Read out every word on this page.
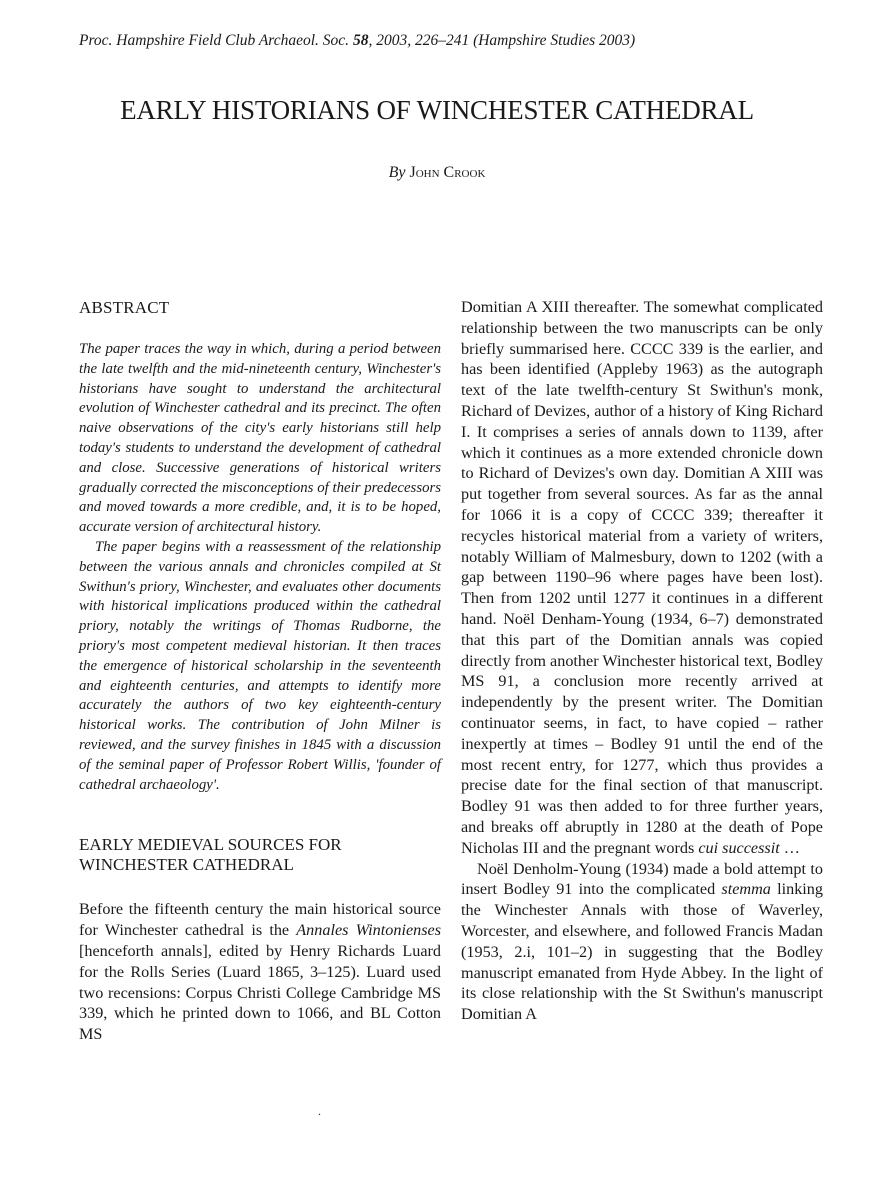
Proc. Hampshire Field Club Archaeol. Soc. 58, 2003, 226–241 (Hampshire Studies 2003)
EARLY HISTORIANS OF WINCHESTER CATHEDRAL
By John Crook
ABSTRACT

The paper traces the way in which, during a period between the late twelfth and the mid-nineteenth century, Winchester's historians have sought to understand the architectural evolution of Winchester cathedral and its precinct. The often naive observations of the city's early historians still help today's students to understand the development of cathedral and close. Successive generations of historical writers gradually corrected the misconceptions of their predecessors and moved towards a more credible, and, it is to be hoped, accurate version of architectural history.

The paper begins with a reassessment of the relationship between the various annals and chronicles compiled at St Swithun's priory, Winchester, and evaluates other documents with historical implications produced within the cathedral priory, notably the writings of Thomas Rudborne, the priory's most competent medieval historian. It then traces the emergence of historical scholarship in the seventeenth and eighteenth centuries, and attempts to identify more accurately the authors of two key eighteenth-century historical works. The contribution of John Milner is reviewed, and the survey finishes in 1845 with a discussion of the seminal paper of Professor Robert Willis, 'founder of cathedral archaeology'.

EARLY MEDIEVAL SOURCES FOR
WINCHESTER CATHEDRAL

Before the fifteenth century the main historical source for Winchester cathedral is the Annales Wintonienses [henceforth annals], edited by Henry Richards Luard for the Rolls Series (Luard 1865, 3–125). Luard used two recensions: Corpus Christi College Cambridge MS 339, which he printed down to 1066, and BL Cotton MS

Domitian A XIII thereafter. The somewhat complicated relationship between the two manuscripts can be only briefly summarised here. CCCC 339 is the earlier, and has been identified (Appleby 1963) as the autograph text of the late twelfth-century St Swithun's monk, Richard of Devizes, author of a history of King Richard I. It comprises a series of annals down to 1139, after which it continues as a more extended chronicle down to Richard of Devizes's own day. Domitian A XIII was put together from several sources. As far as the annal for 1066 it is a copy of CCCC 339; thereafter it recycles historical material from a variety of writers, notably William of Malmesbury, down to 1202 (with a gap between 1190–96 where pages have been lost). Then from 1202 until 1277 it continues in a different hand. Noël Denham-Young (1934, 6–7) demonstrated that this part of the Domitian annals was copied directly from another Winchester historical text, Bodley MS 91, a conclusion more recently arrived at independently by the present writer. The Domitian continuator seems, in fact, to have copied – rather inexpertly at times – Bodley 91 until the end of the most recent entry, for 1277, which thus provides a precise date for the final section of that manuscript. Bodley 91 was then added to for three further years, and breaks off abruptly in 1280 at the death of Pope Nicholas III and the pregnant words cui successit …

Noël Denholm-Young (1934) made a bold attempt to insert Bodley 91 into the complicated stemma linking the Winchester Annals with those of Waverley, Worcester, and elsewhere, and followed Francis Madan (1953, 2.i, 101–2) in suggesting that the Bodley manuscript emanated from Hyde Abbey. In the light of its close relationship with the St Swithun's manuscript Domitian A

.
